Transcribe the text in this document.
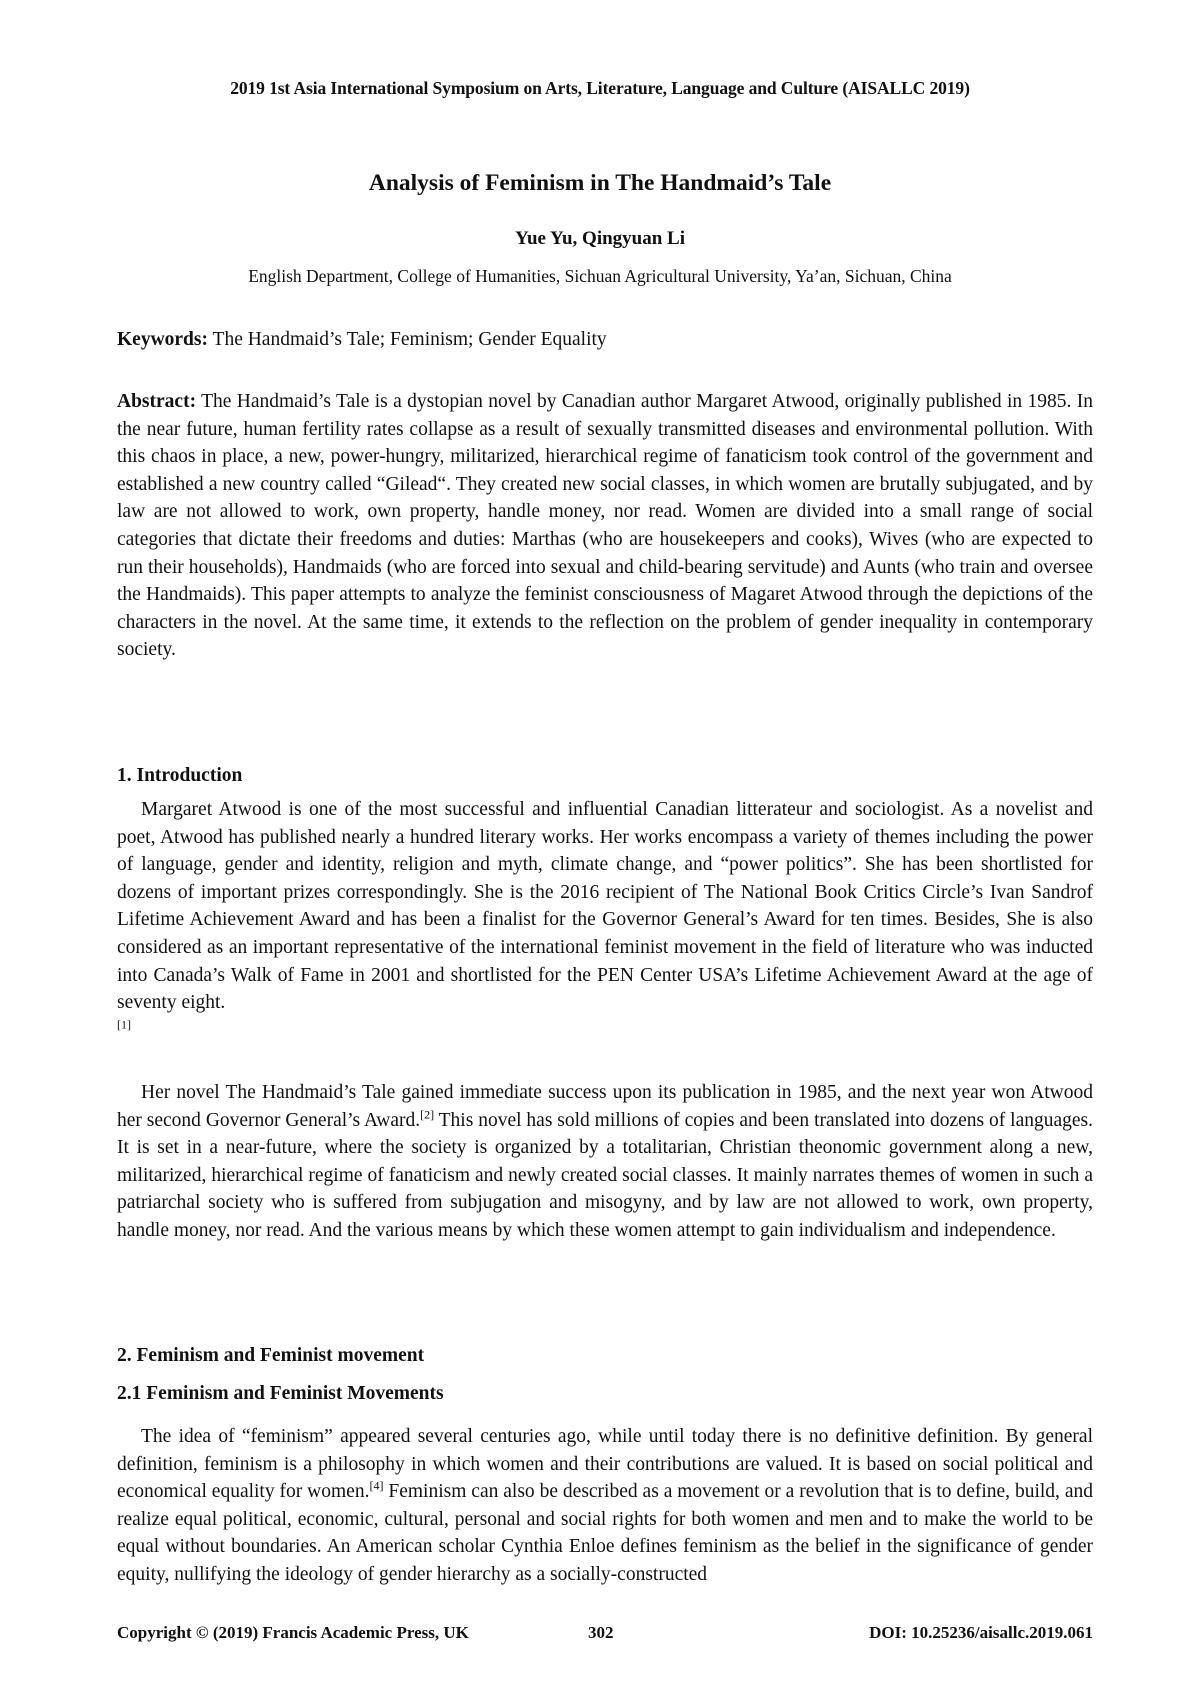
2019 1st Asia International Symposium on Arts, Literature, Language and Culture (AISALLC 2019)
Analysis of Feminism in The Handmaid’s Tale
Yue Yu, Qingyuan Li
English Department, College of Humanities, Sichuan Agricultural University, Ya’an, Sichuan, China
Keywords: The Handmaid’s Tale; Feminism; Gender Equality
Abstract: The Handmaid’s Tale is a dystopian novel by Canadian author Margaret Atwood, originally published in 1985. In the near future, human fertility rates collapse as a result of sexually transmitted diseases and environmental pollution. With this chaos in place, a new, power-hungry, militarized, hierarchical regime of fanaticism took control of the government and established a new country called “Gilead“. They created new social classes, in which women are brutally subjugated, and by law are not allowed to work, own property, handle money, nor read. Women are divided into a small range of social categories that dictate their freedoms and duties: Marthas (who are housekeepers and cooks), Wives (who are expected to run their households), Handmaids (who are forced into sexual and child-bearing servitude) and Aunts (who train and oversee the Handmaids). This paper attempts to analyze the feminist consciousness of Magaret Atwood through the depictions of the characters in the novel. At the same time, it extends to the reflection on the problem of gender inequality in contemporary society.
1. Introduction
Margaret Atwood is one of the most successful and influential Canadian litterateur and sociologist. As a novelist and poet, Atwood has published nearly a hundred literary works. Her works encompass a variety of themes including the power of language, gender and identity, religion and myth, climate change, and “power politics”. She has been shortlisted for dozens of important prizes correspondingly. She is the 2016 recipient of The National Book Critics Circle’s Ivan Sandrof Lifetime Achievement Award and has been a finalist for the Governor General’s Award for ten times. Besides, She is also considered as an important representative of the international feminist movement in the field of literature who was inducted into Canada’s Walk of Fame in 2001 and shortlisted for the PEN Center USA’s Lifetime Achievement Award at the age of seventy eight.
[1]
Her novel The Handmaid’s Tale gained immediate success upon its publication in 1985, and the next year won Atwood her second Governor General’s Award.[2] This novel has sold millions of copies and been translated into dozens of languages. It is set in a near-future, where the society is organized by a totalitarian, Christian theonomic government along a new, militarized, hierarchical regime of fanaticism and newly created social classes. It mainly narrates themes of women in such a patriarchal society who is suffered from subjugation and misogyny, and by law are not allowed to work, own property, handle money, nor read. And the various means by which these women attempt to gain individualism and independence.
2. Feminism and Feminist movement
2.1 Feminism and Feminist Movements
The idea of “feminism” appeared several centuries ago, while until today there is no definitive definition. By general definition, feminism is a philosophy in which women and their contributions are valued. It is based on social political and economical equality for women.[4] Feminism can also be described as a movement or a revolution that is to define, build, and realize equal political, economic, cultural, personal and social rights for both women and men and to make the world to be equal without boundaries. An American scholar Cynthia Enloe defines feminism as the belief in the significance of gender equity, nullifying the ideology of gender hierarchy as a socially-constructed
Copyright © (2019) Francis Academic Press, UK	302	DOI: 10.25236/aisallc.2019.061
